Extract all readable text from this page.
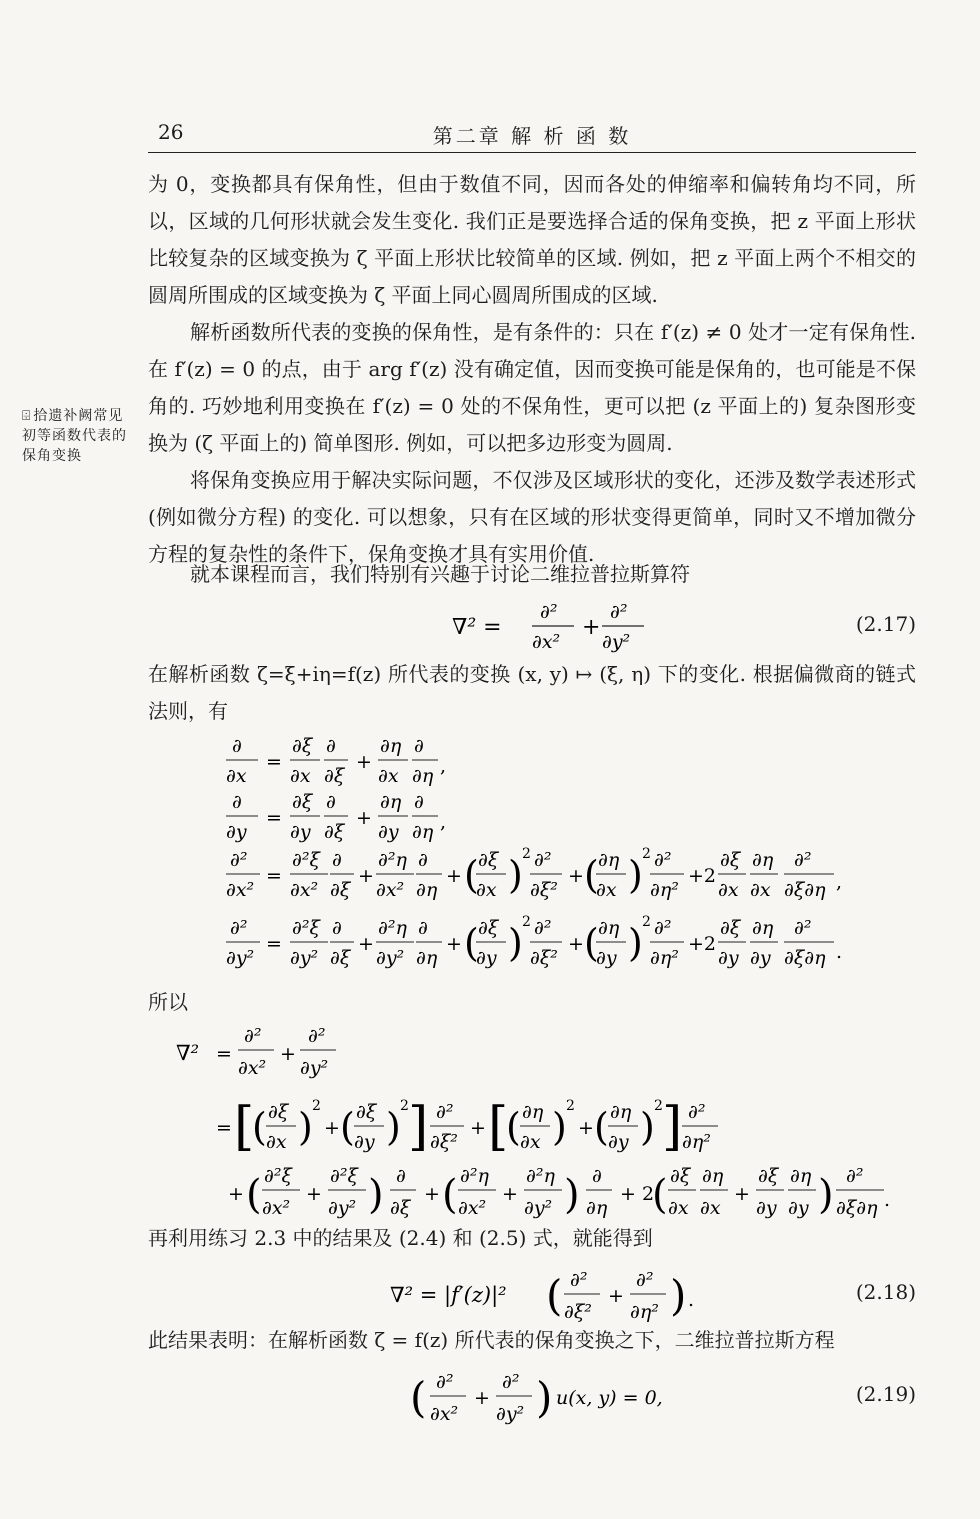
26	第二章 解 析 函 数

⌹ 拾遗补阙常见初等函数代表的保角变换

为 0，变换都具有保角性，但由于数值不同，因而各处的伸缩率和偏转角均不同，所以，区域的几何形状就会发生变化. 我们正是要选择合适的保角变换，把 z 平面上形状比较复杂的区域变换为 ζ 平面上形状比较简单的区域. 例如，把 z 平面上两个不相交的圆周所围成的区域变换为 ζ 平面上同心圆周所围成的区域.

解析函数所代表的变换的保角性，是有条件的：只在 f′(z) ≠ 0 处才一定有保角性. 在 f′(z) = 0 的点，由于 arg f′(z) 没有确定值，因而变换可能是保角的，也可能是不保角的. 巧妙地利用变换在 f′(z) = 0 处的不保角性，更可以把 (z 平面上的) 复杂图形变换为 (ζ 平面上的) 简单图形. 例如，可以把多边形变为圆周.

将保角变换应用于解决实际问题，不仅涉及区域形状的变化，还涉及数学表述形式 (例如微分方程) 的变化. 可以想象，只有在区域的形状变得更简单，同时又不增加微分方程的复杂性的条件下，保角变换才具有实用价值.

就本课程而言，我们特别有兴趣于讨论二维拉普拉斯算符

∇² =
∂²
∂x²
+
∂²
∂y²
(2.17)

在解析函数 ζ=ξ+iη=f(z) 所代表的变换 (x, y) ↦ (ξ, η) 下的变化. 根据偏微商的链式法则，有

∂
∂x
=
∂ξ
∂x
∂
∂ξ
+
∂η
∂x
∂
∂η ,
∂
∂y
=
∂ξ
∂y
∂
∂ξ
+
∂η
∂y
∂
∂η ,
∂²
∂x²
=
∂²ξ
∂x²
∂
∂ξ
+
∂²η
∂x²
∂
∂η
+ ( ∂ξ
∂x ) 2 ∂²
∂ξ²
+ ( ∂η
∂x ) 2 ∂²
∂η²
+2
∂ξ
∂x
∂η
∂x
∂²
∂ξ∂η ,
∂²
∂y²
=
∂²ξ
∂y²
∂
∂ξ
+
∂²η
∂y²
∂
∂η
+ ( ∂ξ
∂y ) 2 ∂²
∂ξ²
+ ( ∂η
∂y ) 2 ∂²
∂η²
+2
∂ξ
∂y
∂η
∂y
∂²
∂ξ∂η .

所以

∇² =
∂²
∂x²
+
∂²
∂y²
= [
( ∂ξ
∂x ) 2
+ ( ∂ξ
∂y ) 2 ] ∂²
∂ξ²
+ [
( ∂η
∂x ) 2
+ ( ∂η
∂y ) 2 ] ∂²
∂η²
+ ( ∂²ξ
∂x²
+
∂²ξ
∂y² ) ∂
∂ξ
+ ( ∂²η
∂x²
+
∂²η
∂y² ) ∂
∂η
+ 2
( ∂ξ
∂x
∂η
∂x
+
∂ξ
∂y
∂η
∂y ) ∂²
∂ξ∂η .

再利用练习 2.3 中的结果及 (2.4) 和 (2.5) 式，就能得到

∇² = |f′(z)|² ( ∂²
∂ξ²
+
∂²
∂η² ) .	(2.18)

此结果表明：在解析函数 ζ = f(z) 所代表的保角变换之下，二维拉普拉斯方程

( ∂²
∂x²
+
∂²
∂y² ) u(x, y) = 0,	(2.19)
